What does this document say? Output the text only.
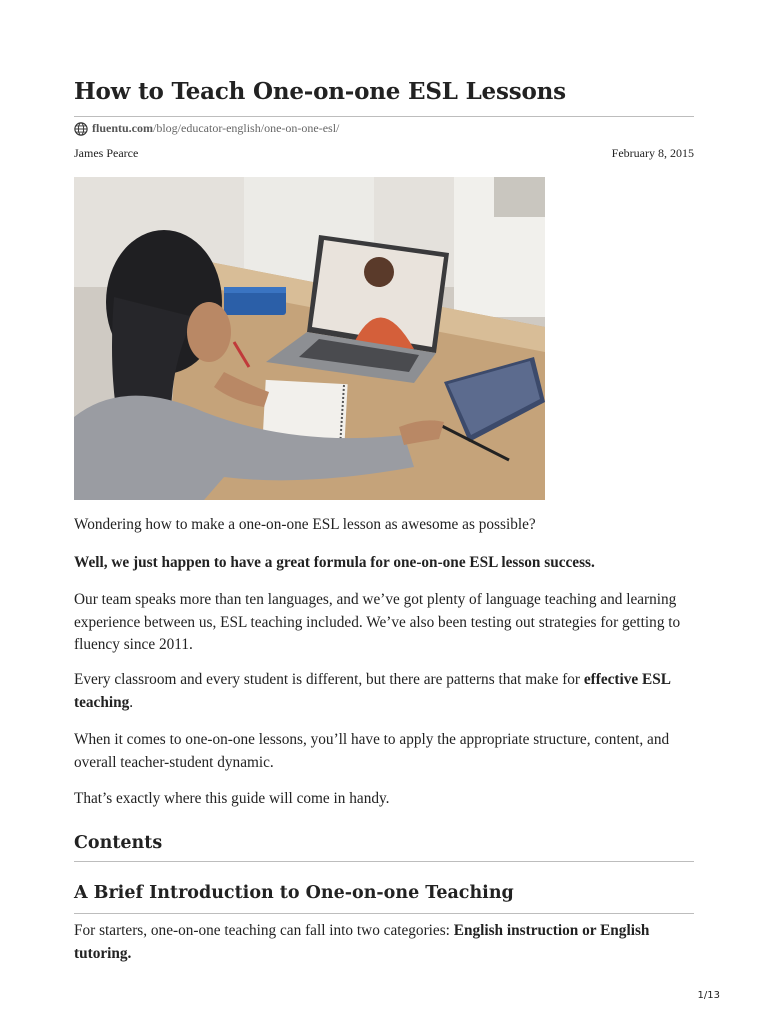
How to Teach One-on-one ESL Lessons
fluentu.com /blog/educator-english/one-on-one-esl/
James Pearce	February 8, 2015

Wondering how to make a one-on-one ESL lesson as awesome as possible?

Well, we just happen to have a great formula for one-on-one ESL lesson success.

Our team speaks more than ten languages, and we’ve got plenty of language teaching and learning experience between us, ESL teaching included. We’ve also been testing out strategies for getting to fluency since 2011.

Every classroom and every student is different, but there are patterns that make for effective ESL teaching.

When it comes to one-on-one lessons, you’ll have to apply the appropriate structure, content, and overall teacher-student dynamic.

That’s exactly where this guide will come in handy.

Contents
A Brief Introduction to One-on-one Teaching

For starters, one-on-one teaching can fall into two categories: English instruction or English tutoring.

1/13
